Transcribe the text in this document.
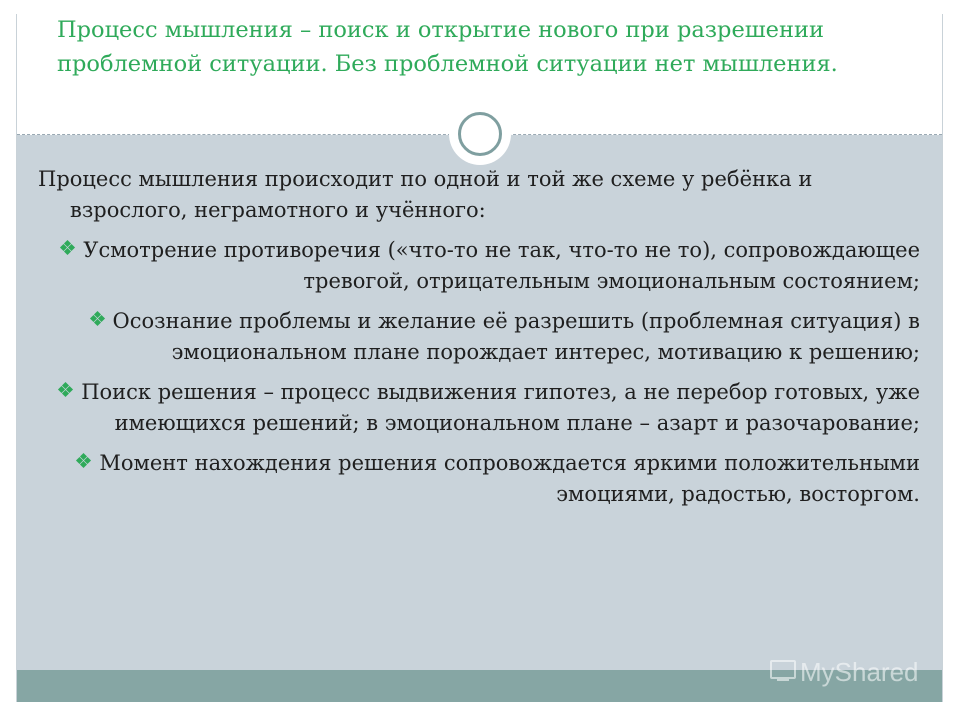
Процесс мышления – поиск и открытие нового при разрешении проблемной ситуации. Без проблемной ситуации нет мышления.

Процесс мышления происходит по одной и той же схеме у ребёнка и взрослого, неграмотного и учённого:

Усмотрение противоречия («что-то не так, что-то не то), сопровождающее тревогой, отрицательным эмоциональным состоянием;
Осознание проблемы и желание её разрешить (проблемная ситуация) в эмоциональном плане порождает интерес, мотивацию к решению;
Поиск решения – процесс выдвижения гипотез, а не перебор готовых, уже имеющихся решений; в эмоциональном плане – азарт и разочарование;
Момент нахождения решения сопровождается яркими положительными эмоциями, радостью, восторгом.
MyShared
